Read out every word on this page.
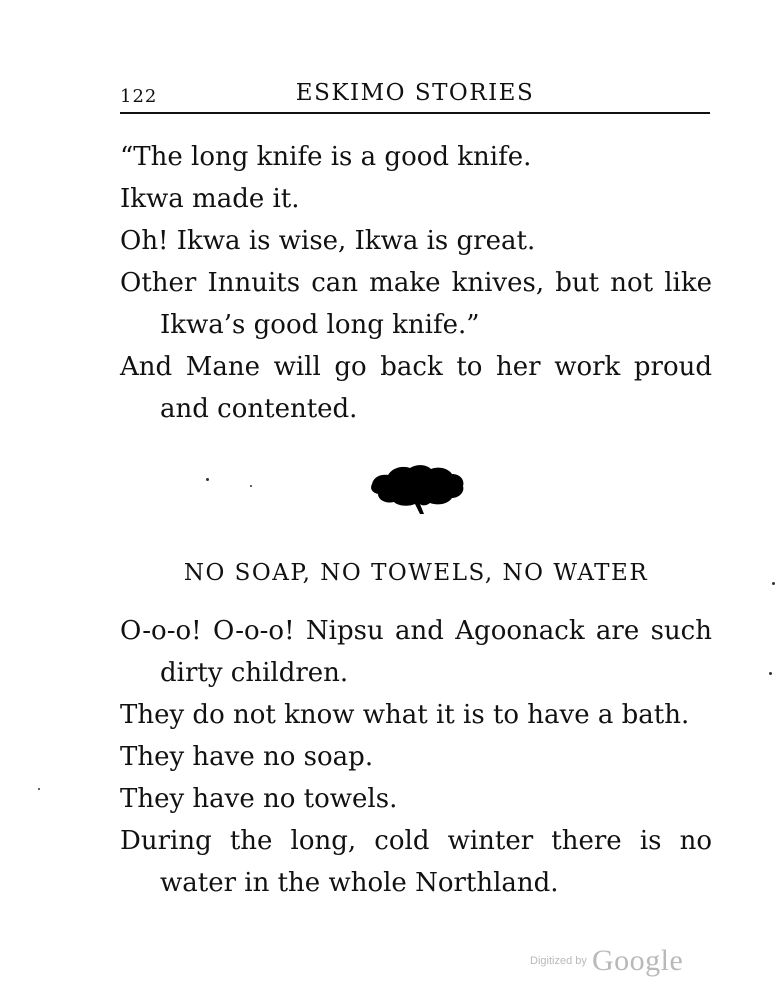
122	ESKIMO STORIES

“The long knife is a good knife.

Ikwa made it.

Oh! Ikwa is wise, Ikwa is great.

Other Innuits can make knives, but not like Ikwa’s good long knife.”

And Mane will go back to her work proud and contented.

NO SOAP, NO TOWELS, NO WATER

O-o-o! O-o-o! Nipsu and Agoonack are such dirty children.

They do not know what it is to have a bath.

They have no soap.

They have no towels.

During the long, cold winter there is no water in the whole Northland.

Digitized by Google
